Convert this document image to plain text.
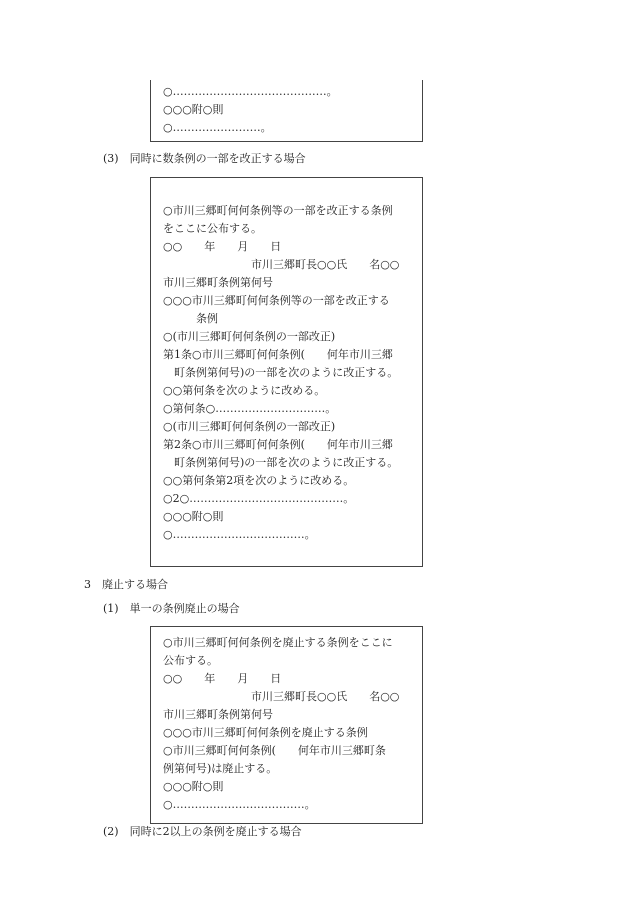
○……………………………………。
○○○附○則
○……………………。
(3)　同時に数条例の一部を改正する場合
○市川三郷町何何条例等の一部を改正する条例
をここに公布する。
○○　　年　　月　　日
　　　　　　　　市川三郷町長○○氏　　名○○
市川三郷町条例第何号
○○○市川三郷町何何条例等の一部を改正する
　　　条例
○(市川三郷町何何条例の一部改正)
第1条○市川三郷町何何条例(　　何年市川三郷
　町条例第何号)の一部を次のように改正する。
○○第何条を次のように改める。
○第何条○…………………………。
○(市川三郷町何何条例の一部改正)
第2条○市川三郷町何何条例(　　何年市川三郷
　町条例第何号)の一部を次のように改正する。
○○第何条第2項を次のように改める。
○2○……………………………………。
○○○附○則
○………………………………。
3　廃止する場合
(1)　単一の条例廃止の場合
○市川三郷町何何条例を廃止する条例をここに
公布する。
○○　　年　　月　　日
　　　　　　　　市川三郷町長○○氏　　名○○
市川三郷町条例第何号
○○○市川三郷町何何条例を廃止する条例
○市川三郷町何何条例(　　何年市川三郷町条
例第何号)は廃止する。
○○○附○則
○………………………………。
(2)　同時に2以上の条例を廃止する場合
